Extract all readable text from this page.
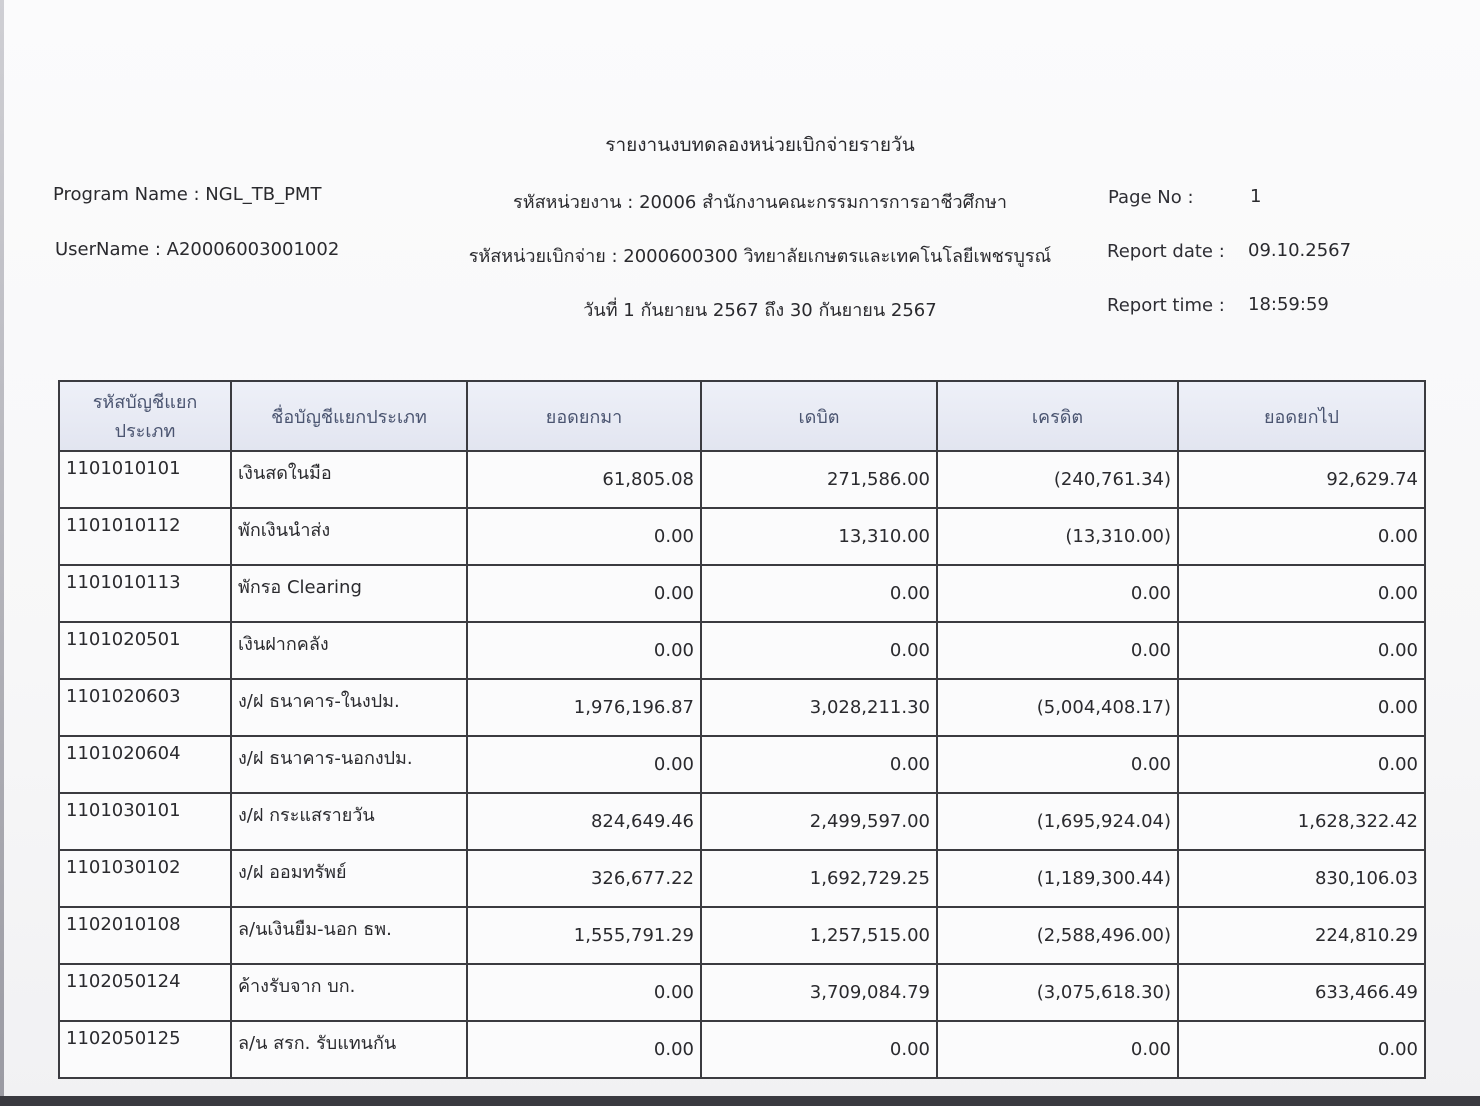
รายงานงบทดลองหน่วยเบิกจ่ายรายวัน
Program Name : NGL_TB_PMT
UserName : A20006003001002
รหัสหน่วยงาน : 20006 สำนักงานคณะกรรมการการอาชีวศึกษา
รหัสหน่วยเบิกจ่าย : 2000600300 วิทยาลัยเกษตรและเทคโนโลยีเพชรบูรณ์
วันที่ 1 กันยายน 2567 ถึง 30 กันยายน 2567
Page No :	1
Report date : 09.10.2567
Report time : 18:59:59
รหัสบัญชีแยกประเภท	ชื่อบัญชีแยกประเภท	ยอดยกมา	เดบิต	เครดิต	ยอดยกไป
1101010101	เงินสดในมือ	61,805.08	271,586.00	(240,761.34)	92,629.74
1101010112	พักเงินนำส่ง	0.00	13,310.00	(13,310.00)	0.00
1101010113	พักรอ Clearing	0.00	0.00	0.00	0.00
1101020501	เงินฝากคลัง	0.00	0.00	0.00	0.00
1101020603	ง/ฝ ธนาคาร-ในงปม.	1,976,196.87	3,028,211.30	(5,004,408.17)	0.00
1101020604	ง/ฝ ธนาคาร-นอกงปม.	0.00	0.00	0.00	0.00
1101030101	ง/ฝ กระแสรายวัน	824,649.46	2,499,597.00	(1,695,924.04)	1,628,322.42
1101030102	ง/ฝ ออมทรัพย์	326,677.22	1,692,729.25	(1,189,300.44)	830,106.03
1102010108	ล/นเงินยืม-นอก ธพ.	1,555,791.29	1,257,515.00	(2,588,496.00)	224,810.29
1102050124	ค้างรับจาก บก.	0.00	3,709,084.79	(3,075,618.30)	633,466.49
1102050125	ล/น สรก. รับแทนกัน	0.00	0.00	0.00	0.00
